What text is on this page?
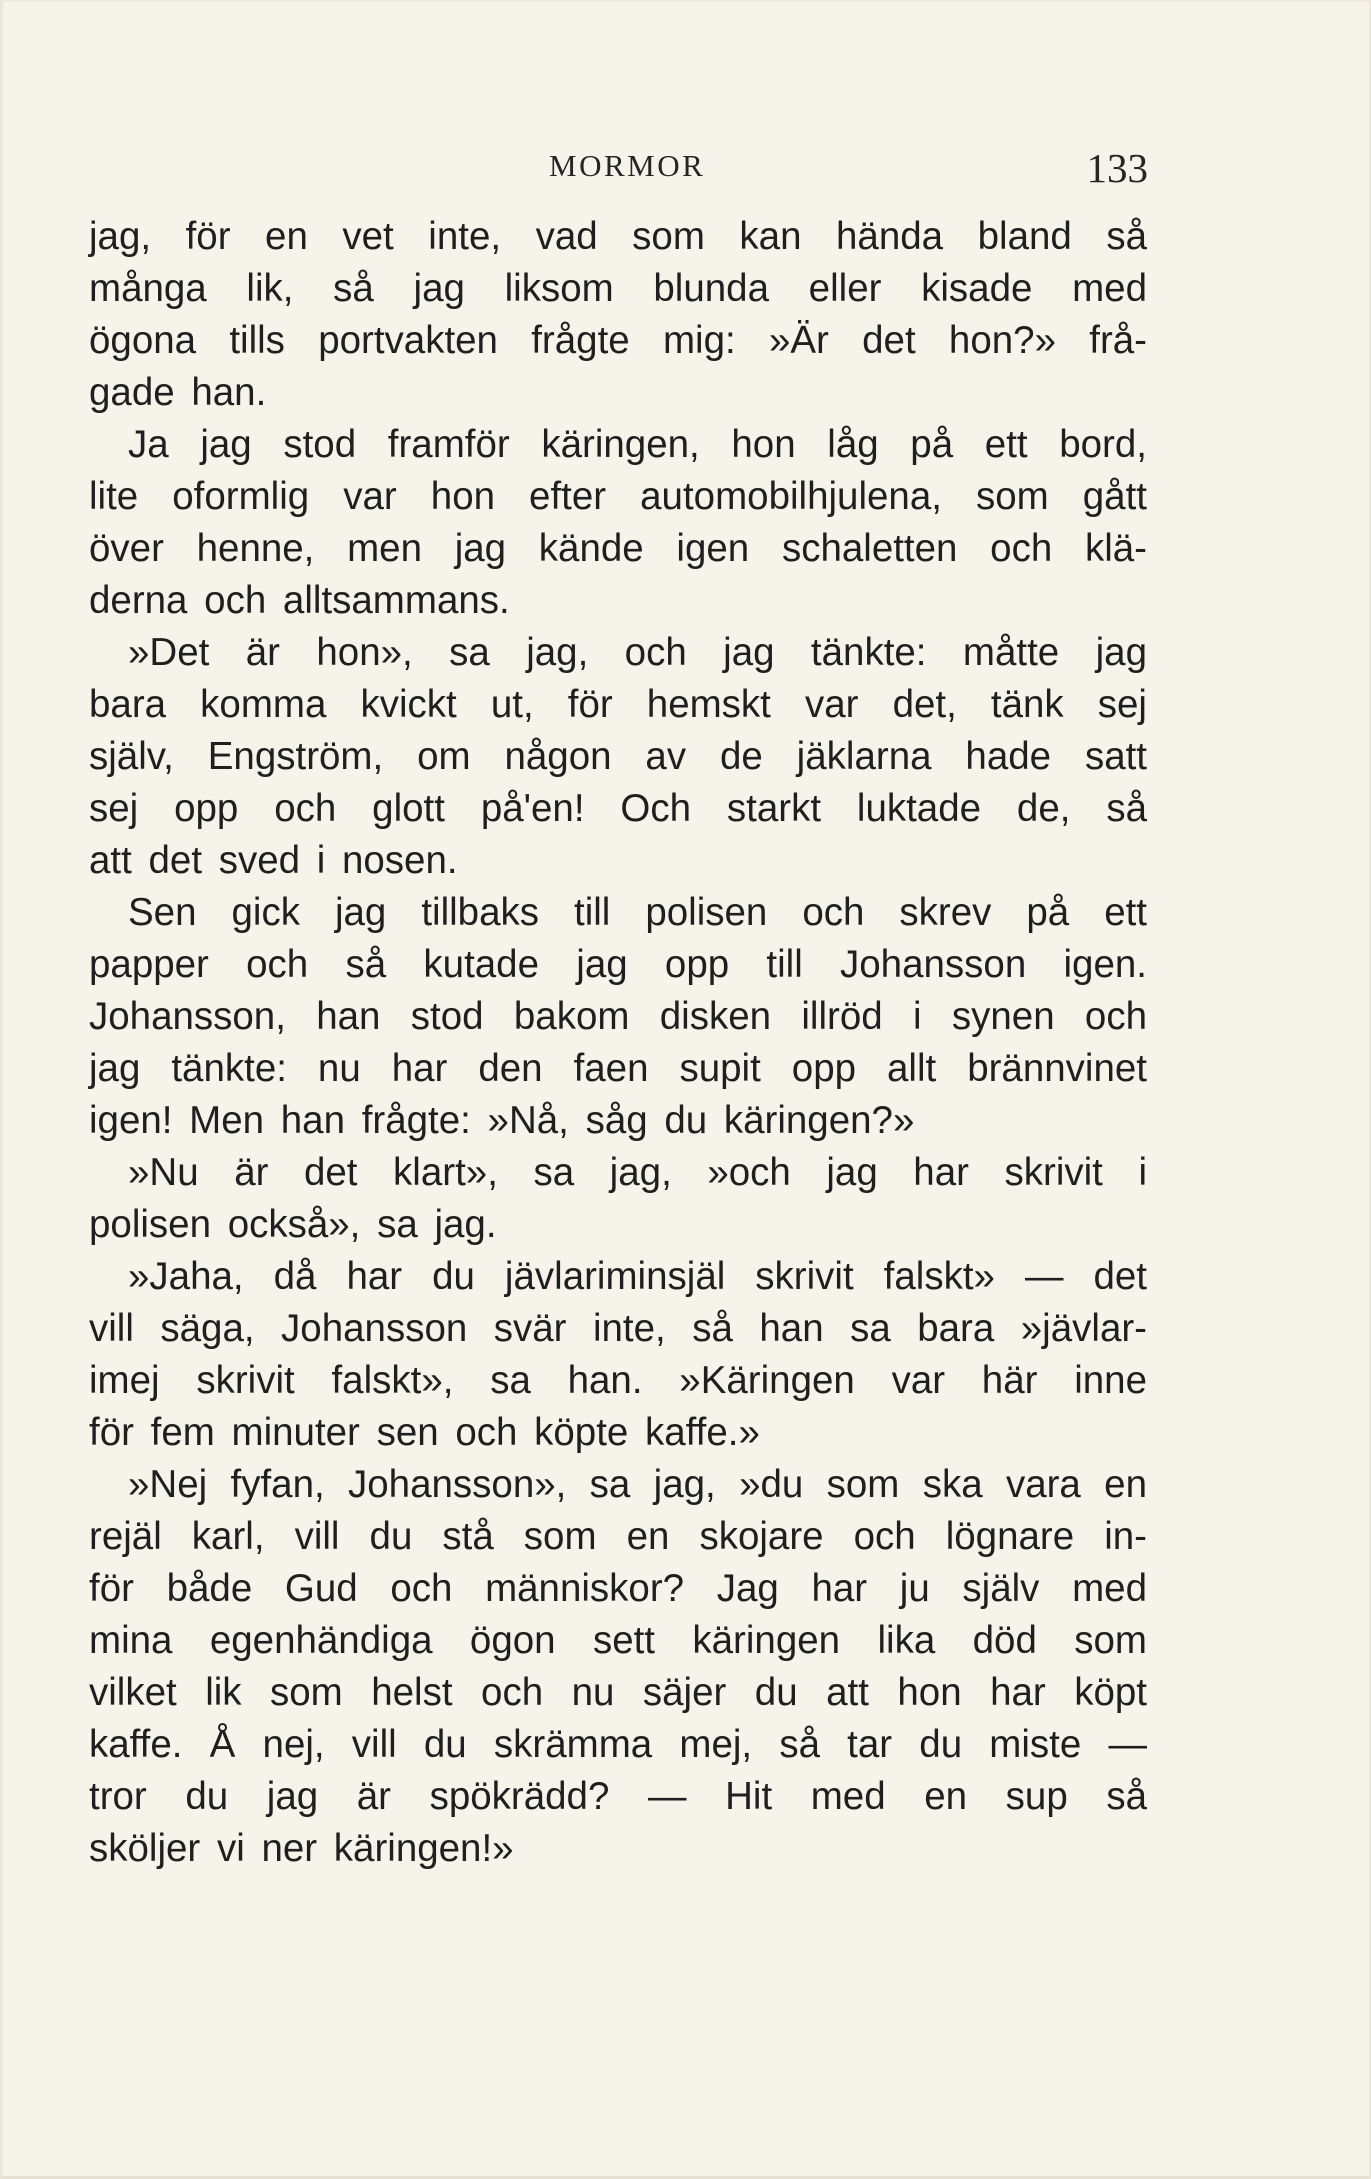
MORMOR	133
jag, för en vet inte, vad som kan hända bland så
många lik, så jag liksom blunda eller kisade med
ögona tills portvakten frågte mig: »Är det hon?» frå-
gade han.
Ja jag stod framför käringen, hon låg på ett bord,
lite oformlig var hon efter automobilhjulena, som gått
över henne, men jag kände igen schaletten och klä-
derna och alltsammans.
»Det är hon», sa jag, och jag tänkte: måtte jag
bara komma kvickt ut, för hemskt var det, tänk sej
själv, Engström, om någon av de jäklarna hade satt
sej opp och glott på'en! Och starkt luktade de, så
att det sved i nosen.
Sen gick jag tillbaks till polisen och skrev på ett
papper och så kutade jag opp till Johansson igen.
Johansson, han stod bakom disken illröd i synen och
jag tänkte: nu har den faen supit opp allt brännvinet
igen! Men han frågte: »Nå, såg du käringen?»
»Nu är det klart», sa jag, »och jag har skrivit i
polisen också», sa jag.
»Jaha, då har du jävlariminsjäl skrivit falskt» — det
vill säga, Johansson svär inte, så han sa bara »jävlar-
imej skrivit falskt», sa han. »Käringen var här inne
för fem minuter sen och köpte kaffe.»
»Nej fyfan, Johansson», sa jag, »du som ska vara en
rejäl karl, vill du stå som en skojare och lögnare in-
för både Gud och människor? Jag har ju själv med
mina egenhändiga ögon sett käringen lika död som
vilket lik som helst och nu säjer du att hon har köpt
kaffe. Å nej, vill du skrämma mej, så tar du miste —
tror du jag är spökrädd? — Hit med en sup så
sköljer vi ner käringen!»
